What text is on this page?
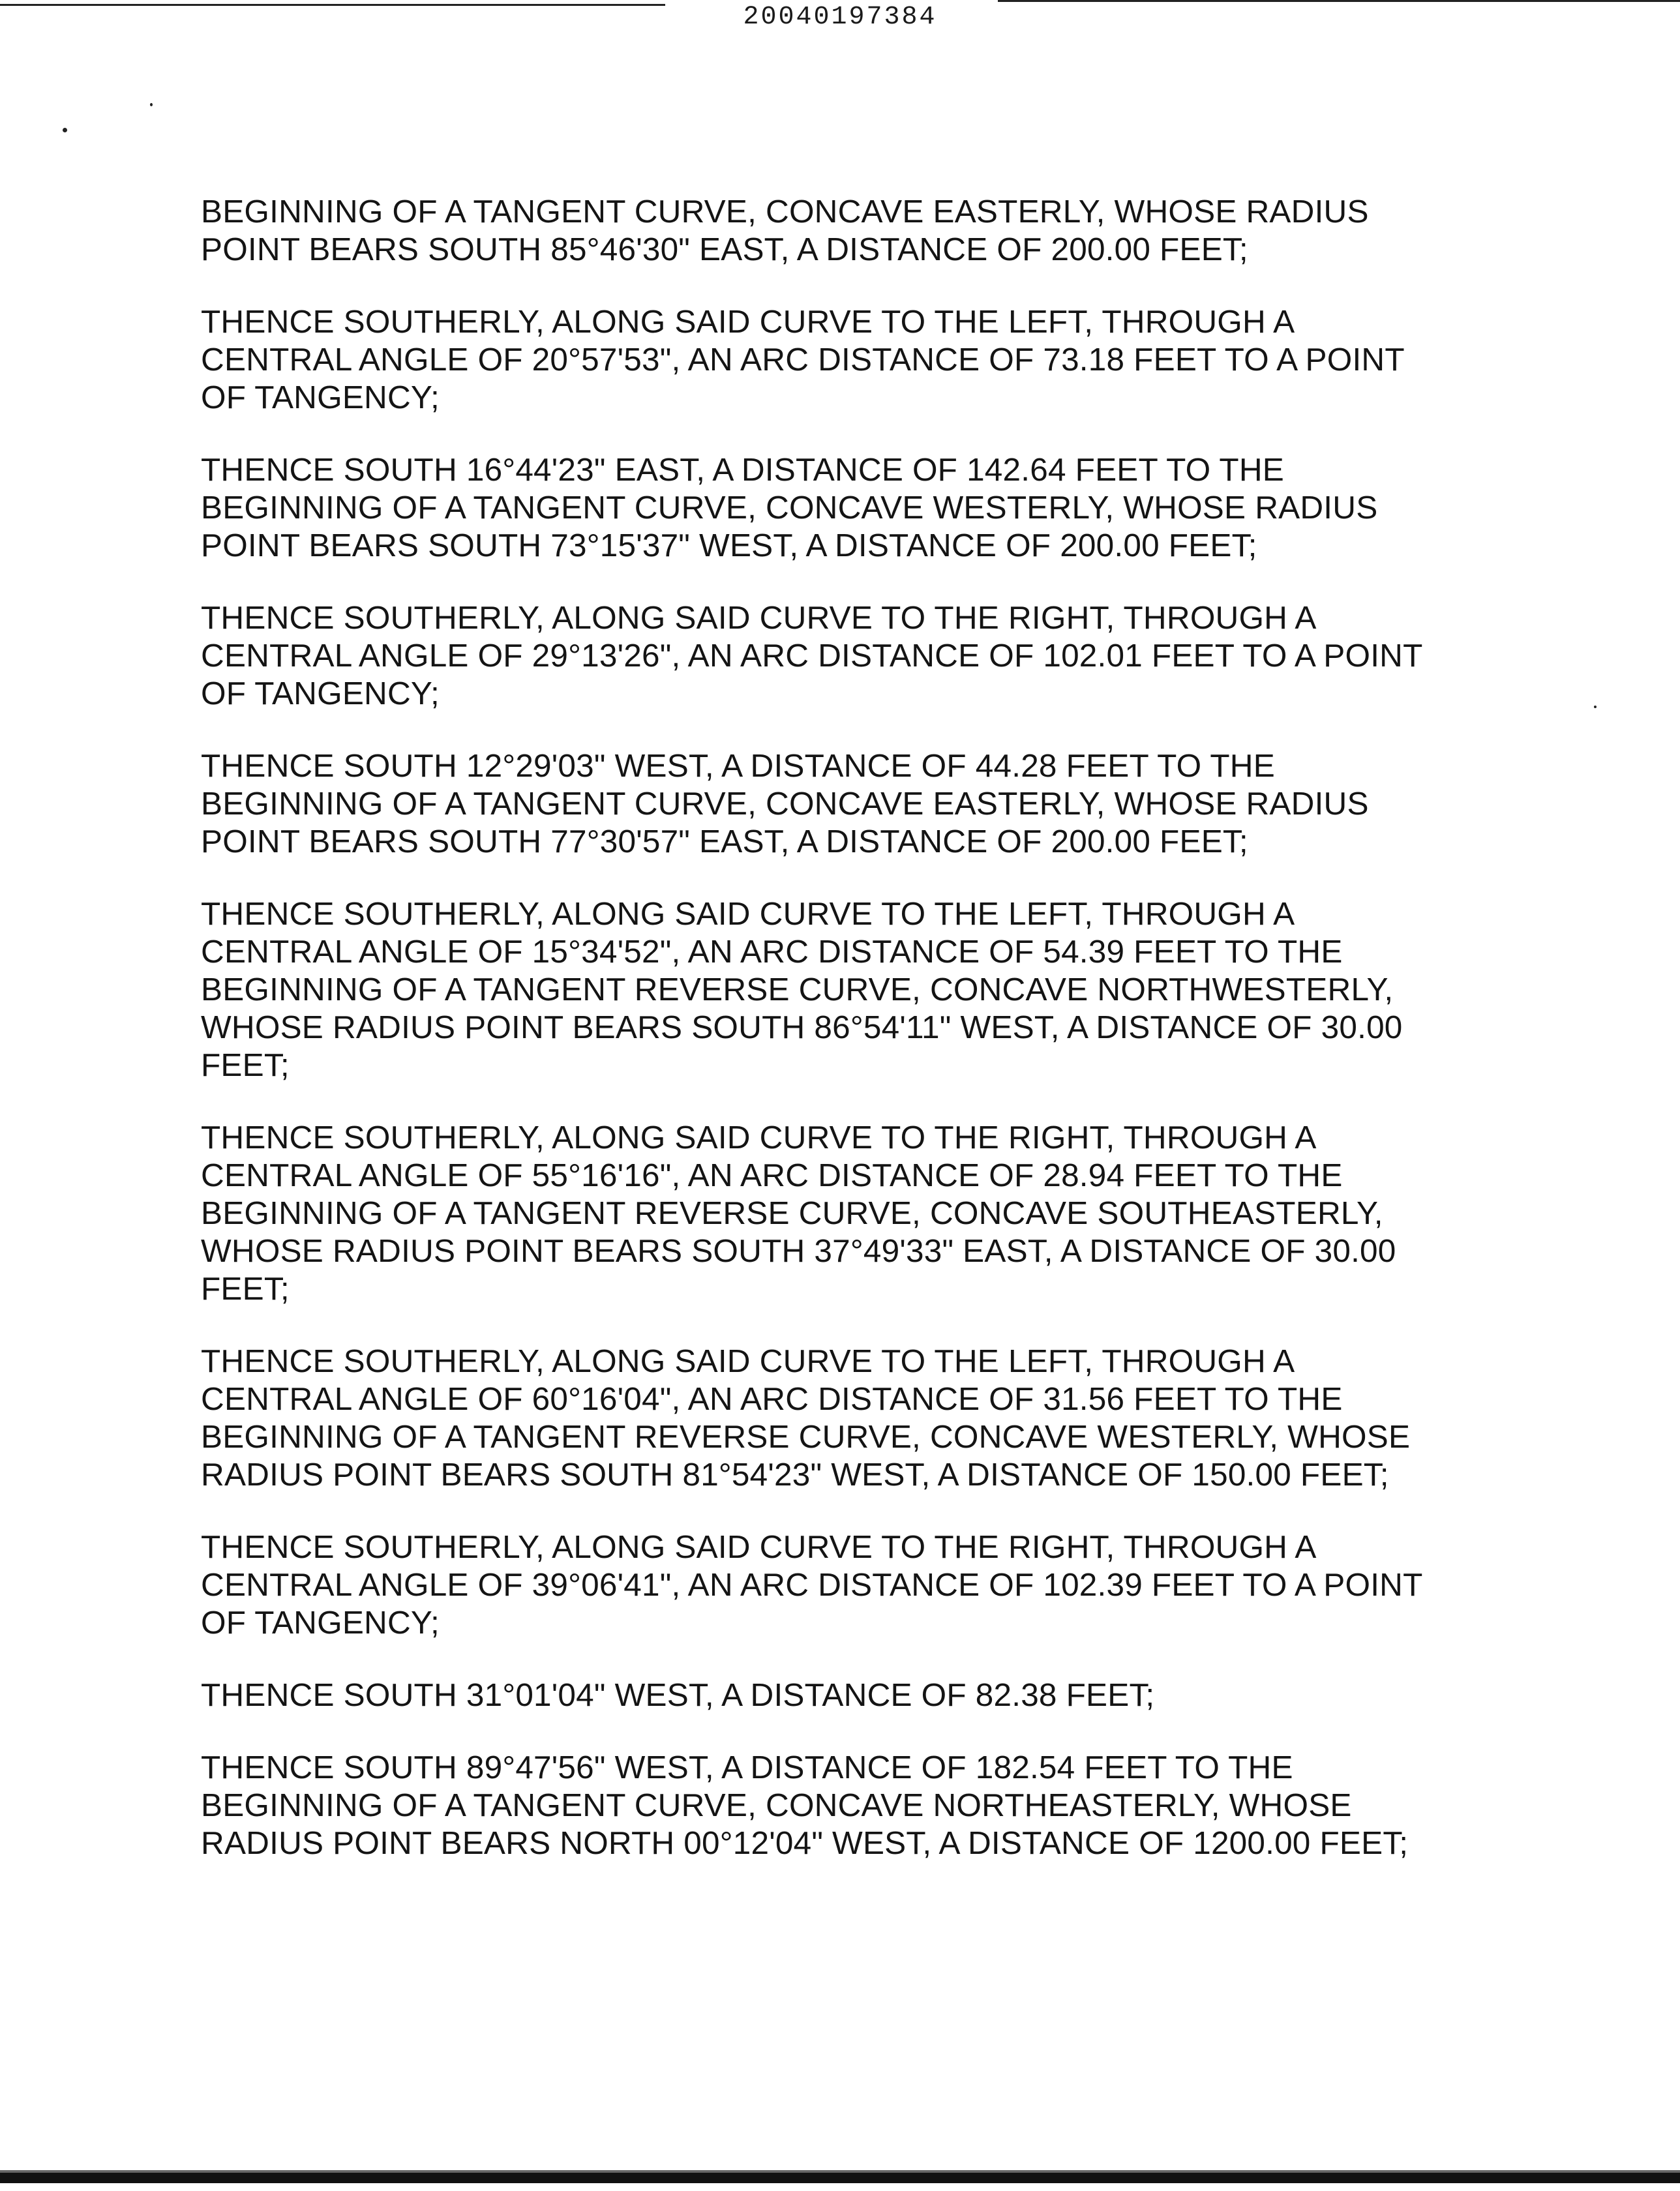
20040197384

BEGINNING OF A TANGENT CURVE, CONCAVE EASTERLY, WHOSE RADIUS
POINT BEARS SOUTH 85°46'30" EAST, A DISTANCE OF 200.00 FEET;

THENCE SOUTHERLY, ALONG SAID CURVE TO THE LEFT, THROUGH A
CENTRAL ANGLE OF 20°57'53", AN ARC DISTANCE OF 73.18 FEET TO A POINT
OF TANGENCY;

THENCE SOUTH 16°44'23" EAST, A DISTANCE OF 142.64 FEET TO THE
BEGINNING OF A TANGENT CURVE, CONCAVE WESTERLY, WHOSE RADIUS
POINT BEARS SOUTH 73°15'37" WEST, A DISTANCE OF 200.00 FEET;

THENCE SOUTHERLY, ALONG SAID CURVE TO THE RIGHT, THROUGH A
CENTRAL ANGLE OF 29°13'26", AN ARC DISTANCE OF 102.01 FEET TO A POINT
OF TANGENCY;

THENCE SOUTH 12°29'03" WEST, A DISTANCE OF 44.28 FEET TO THE
BEGINNING OF A TANGENT CURVE, CONCAVE EASTERLY, WHOSE RADIUS
POINT BEARS SOUTH 77°30'57" EAST, A DISTANCE OF 200.00 FEET;

THENCE SOUTHERLY, ALONG SAID CURVE TO THE LEFT, THROUGH A
CENTRAL ANGLE OF 15°34'52", AN ARC DISTANCE OF 54.39 FEET TO THE
BEGINNING OF A TANGENT REVERSE CURVE, CONCAVE NORTHWESTERLY,
WHOSE RADIUS POINT BEARS SOUTH 86°54'11" WEST, A DISTANCE OF 30.00
FEET;

THENCE SOUTHERLY, ALONG SAID CURVE TO THE RIGHT, THROUGH A
CENTRAL ANGLE OF 55°16'16", AN ARC DISTANCE OF 28.94 FEET TO THE
BEGINNING OF A TANGENT REVERSE CURVE, CONCAVE SOUTHEASTERLY,
WHOSE RADIUS POINT BEARS SOUTH 37°49'33" EAST, A DISTANCE OF 30.00
FEET;

THENCE SOUTHERLY, ALONG SAID CURVE TO THE LEFT, THROUGH A
CENTRAL ANGLE OF 60°16'04", AN ARC DISTANCE OF 31.56 FEET TO THE
BEGINNING OF A TANGENT REVERSE CURVE, CONCAVE WESTERLY, WHOSE
RADIUS POINT BEARS SOUTH 81°54'23" WEST, A DISTANCE OF 150.00 FEET;

THENCE SOUTHERLY, ALONG SAID CURVE TO THE RIGHT, THROUGH A
CENTRAL ANGLE OF 39°06'41", AN ARC DISTANCE OF 102.39 FEET TO A POINT
OF TANGENCY;

THENCE SOUTH 31°01'04" WEST, A DISTANCE OF 82.38 FEET;

THENCE SOUTH 89°47'56" WEST, A DISTANCE OF 182.54 FEET TO THE
BEGINNING OF A TANGENT CURVE, CONCAVE NORTHEASTERLY, WHOSE
RADIUS POINT BEARS NORTH 00°12'04" WEST, A DISTANCE OF 1200.00 FEET;
